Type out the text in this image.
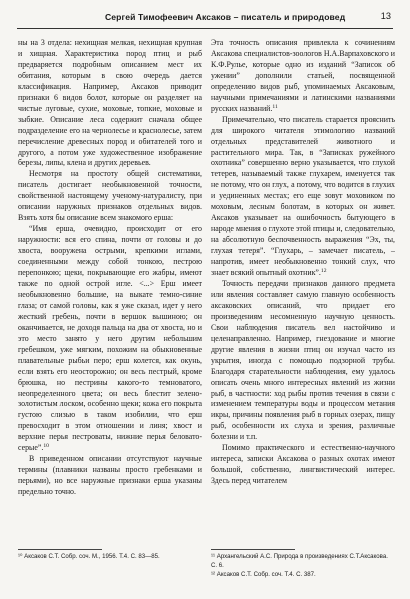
Сергей Тимофеевич Аксаков – писатель и природовед	13

ны на 3 отдела: нехищная мелкая, нехищная крупная и хищная. Характеристика пород птиц и рыб предваряется подробным описанием мест их обитания, которым в свою очередь дается классификация. Например, Аксаков приводит признаки 6 видов болот, которые он разделяет на чистые луговые, сухие, моховые, топкие, моховые и зыбкие. Описание леса содержит сначала общее подразделение его на чернолесье и краснолесье, затем перечисление древесных пород и обитателей того и другого, а потом уже художественное изображение березы, липы, клена и других деревьев.

Несмотря на простоту общей систематики, писатель достигает необыкновенной точности, свойственной настоящему ученому-натуралисту, при описании наружных признаков отдельных видов. Взять хотя бы описание всем знакомого ерша:

“Имя ерша, очевидно, происходит от его наружности: вся его спина, почти от головы и до хвоста, вооружена острыми, крепкими иглами, соединенными между собой тонкою, пестрою перепонкою; щеки, покрывающие его жабры, имеют также по одной острой игле. <...> Ерш имеет необыкновенно большие, на выкате темно-синие глаза; от самой головы, как я уже сказал, идет у него жесткий гребень, почти в вершок вышиною; он оканчивается, не доходя пальца на два от хвоста, но и это место занято у него другим небольшим гребешком, уже мягким, похожим на обыкновенные плавательные рыбьи перо; ерш колется, как окунь, если взять его неосторожно; он весь пестрый, кроме брюшка, но пестрины какого-то темноватого, неопределенного цвета; он весь блестит зелено-золотистым лоском, особенно щеки; кожа его покрыта густою слизью в таком изобилии, что ерш превосходит в этом отношении и линя; хвост и верхние перья пестроваты, нижние перья беловато-серые”.$^{10}$

В приведенном описании отсутствуют научные термины (плавники названы просто гребенками и перьями), но все наружные признаки ерша указаны предельно точно.

Эта точность описания привлекла к сочинениям Аксакова специалистов-зоологов Н.А.Варпаховского и К.Ф.Рулье, которые одно из изданий “Записок об ужении” дополнили статьей, посвященной определению видов рыб, упоминаемых Аксаковым, научными примечаниями и латинскими названиями русских названий.$^{11}$

Примечательно, что писатель старается прояснить для широкого читателя этимологию названий отдельных представителей животного и растительного мира. Так, в “Записках ружейного охотника” совершенно верно указывается, что глухой тетерев, называемый также глухарем, именуется так не потому, что он глух, а потому, что водится в глухих и уединенных местах; его еще зовут моховиком по моховым, лесным болотам, в которых он живет. Аксаков указывает на ошибочность бытующего в народе мнения о глухоте этой птицы и, следовательно, на абсолютную беспочвенность выражения “Эх, ты, глухая тетеря”. “Глухарь, – замечает писатель, – напротив, имеет необыкновенно тонкий слух, что знает всякий опытный охотник”.$^{12}$

Точность передачи признаков данного предмета или явления составляет самую главную особенность аксаковских описаний, что придает его произведениям несомненную научную ценность. Свои наблюдения писатель вел настойчиво и целенаправленно. Например, гнездование и многие другие явления в жизни птиц он изучал часто из укрытия, иногда с помощью подзорной трубы. Благодаря старательности наблюдения, ему удалось описать очень много интересных явлений из жизни рыб, в частности: ход рыбы против течения в связи с изменением температуры воды и процессом метания икры, причины появления рыб в горных озерах, пищу рыб, особенности их слуха и зрения, различные болезни и т.п.

Помимо практического и естественно-научного интереса, записки Аксакова о разных охотах имеют большой, собственно, лингвистический интерес. Здесь перед читателем

¹⁰ Аксаков С.Т. Собр. соч. М., 1956. Т.4. С. 83—85.	¹¹ Архангельский А.С. Природа в произведениях С.Т.Аксакова. С. 6.
¹² Аксаков С.Т. Собр. соч. Т.4. С. 387.
